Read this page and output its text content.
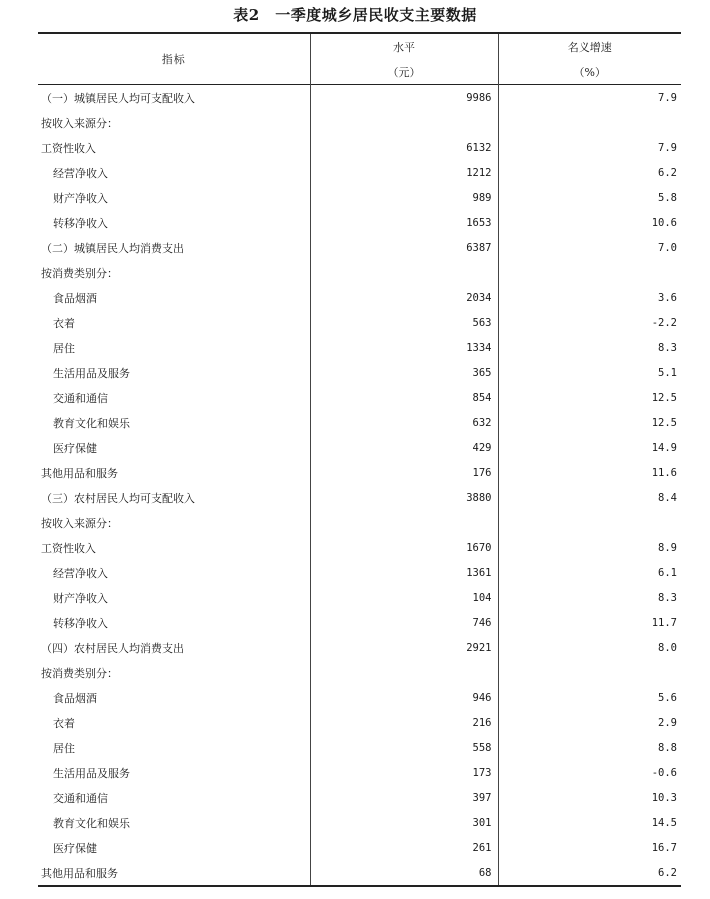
表2　一季度城乡居民收支主要数据
指标	水平	名义增速
	（元）	（%）
（一）城镇居民人均可支配收入	9986	7.9
按收入来源分：		
工资性收入	6132	7.9
经营净收入	1212	6.2
财产净收入	989	5.8
转移净收入	1653	10.6
（二）城镇居民人均消费支出	6387	7.0
按消费类别分：		
食品烟酒	2034	3.6
衣着	563	-2.2
居住	1334	8.3
生活用品及服务	365	5.1
交通和通信	854	12.5
教育文化和娱乐	632	12.5
医疗保健	429	14.9
其他用品和服务	176	11.6
（三）农村居民人均可支配收入	3880	8.4
按收入来源分：		
工资性收入	1670	8.9
经营净收入	1361	6.1
财产净收入	104	8.3
转移净收入	746	11.7
（四）农村居民人均消费支出	2921	8.0
按消费类别分：		
食品烟酒	946	5.6
衣着	216	2.9
居住	558	8.8
生活用品及服务	173	-0.6
交通和通信	397	10.3
教育文化和娱乐	301	14.5
医疗保健	261	16.7
其他用品和服务	68	6.2
